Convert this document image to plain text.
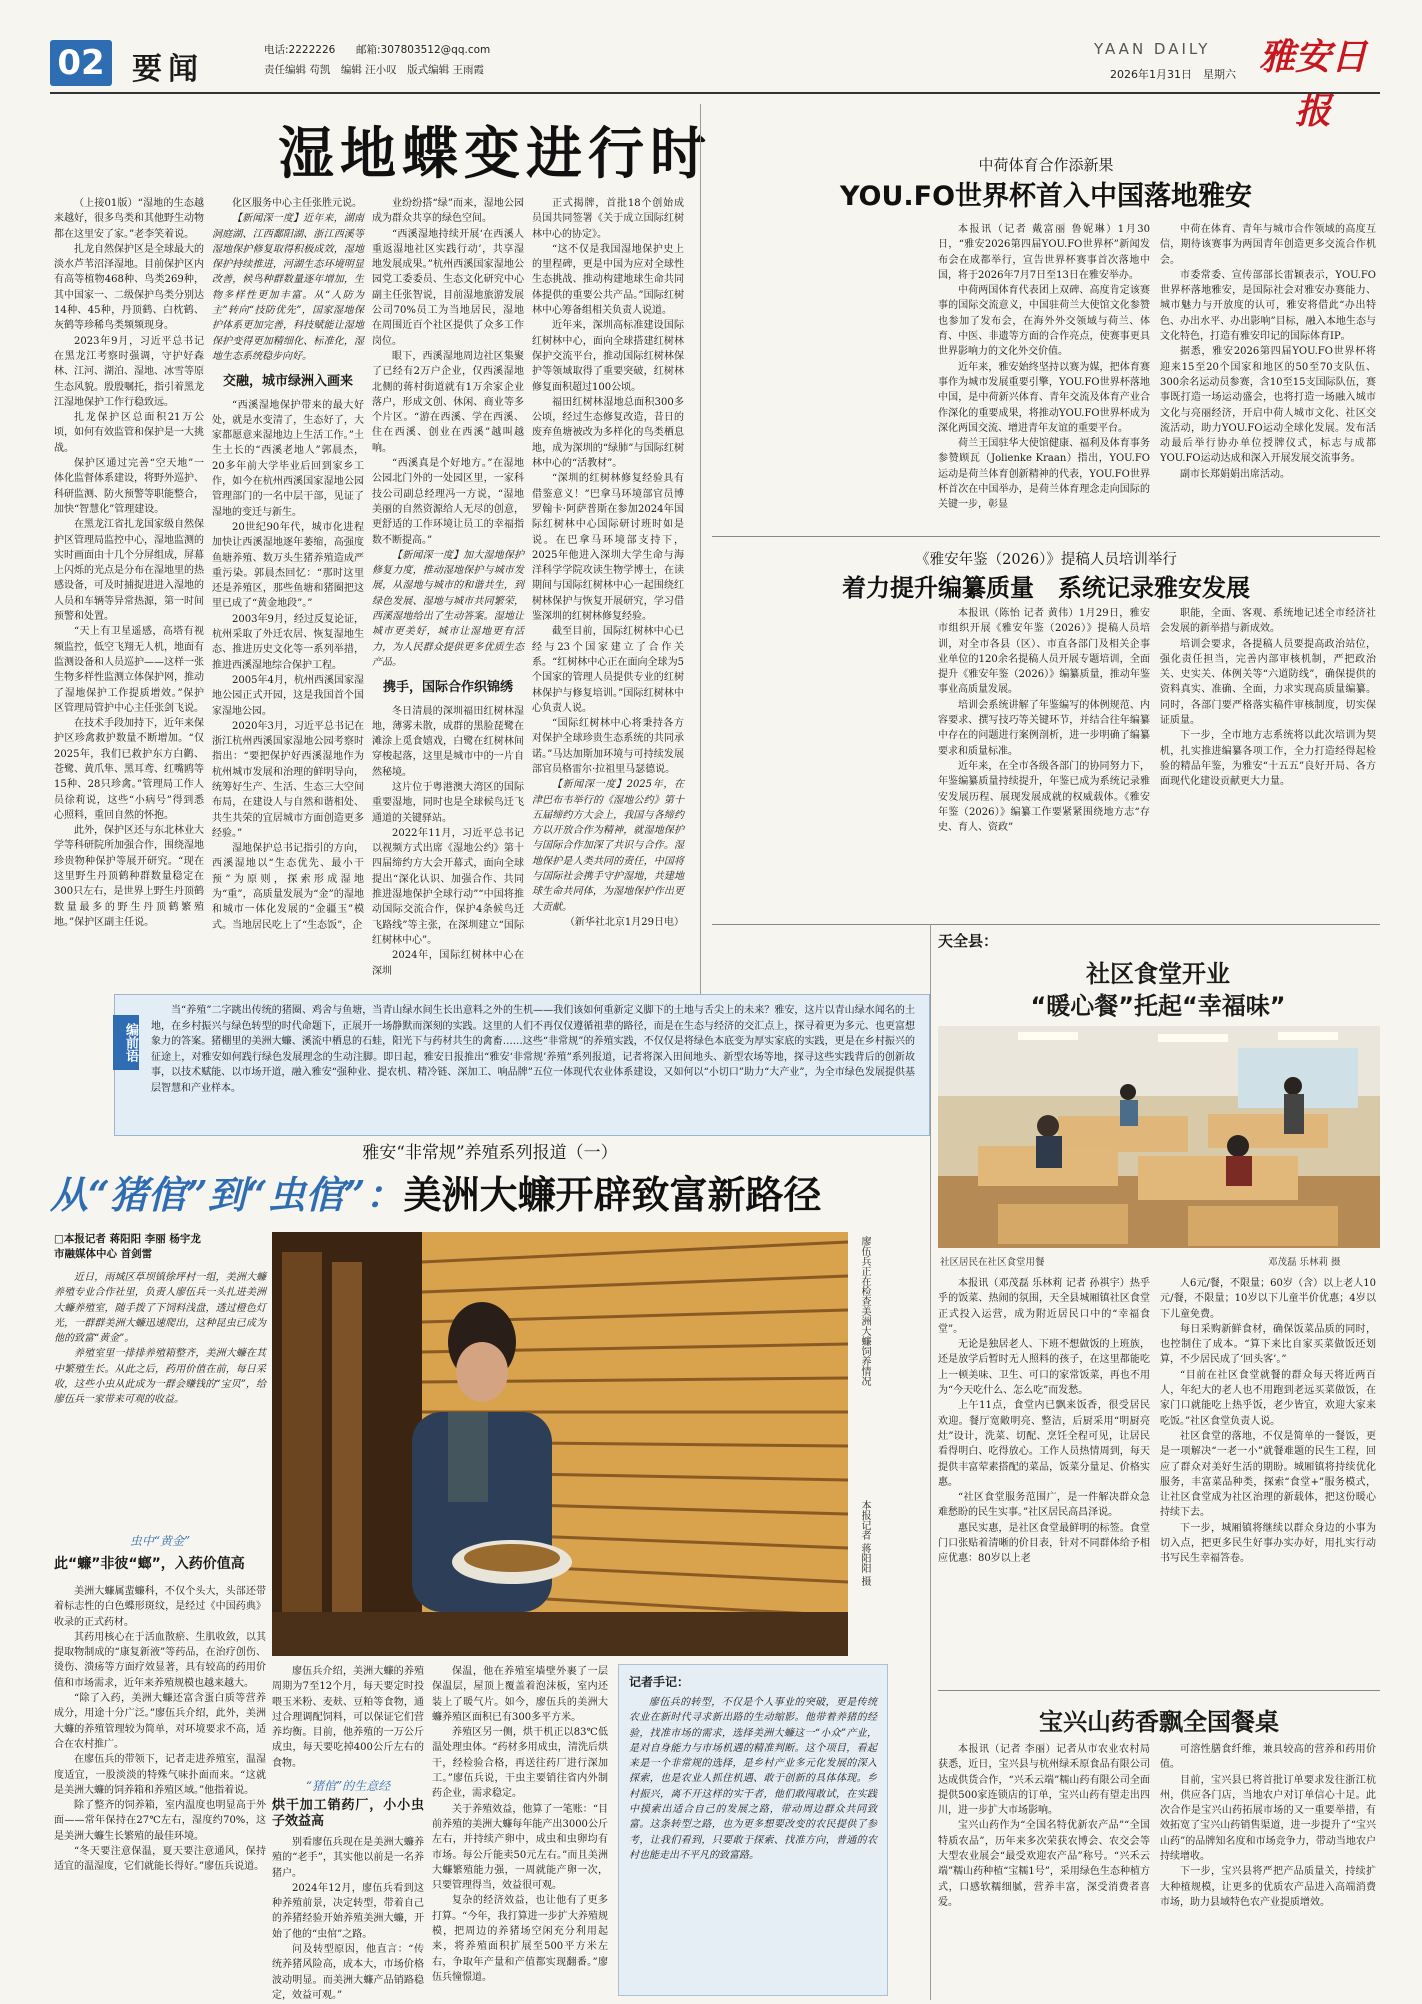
02 要闻
电话:2222226 邮箱:307803512@qq.com
责任编辑 苟凯　编辑 汪小叹　版式编辑 王雨霞
YAAN DAILY
2026年1月31日　星期六 雅安日报
湿地蝶变进行时

（上接01版）“湿地的生态越来越好，很多鸟类和其他野生动物都在这里安了家。”老李笑着说。

扎龙自然保护区是全球最大的淡水芦苇沼泽湿地。目前保护区内有高等植物468种、鸟类269种，其中国家一、二级保护鸟类分别达14种、45种，丹顶鹤、白枕鹤、灰鹤等珍稀鸟类频频现身。

2023年9月，习近平总书记在黑龙江考察时强调，守护好森林、江河、湖泊、湿地、冰雪等原生态风貌。殷殷嘱托，指引着黑龙江湿地保护工作行稳致远。

扎龙保护区总面积21万公顷，如何有效监管和保护是一大挑战。

保护区通过完善“空天地”一体化监督体系建设，将野外巡护、科研监测、防火预警等职能整合，加快“智慧化”管理建设。

在黑龙江省扎龙国家级自然保护区管理局监控中心，湿地监测的实时画面由十几个分屏组成，屏幕上闪烁的光点是分布在湿地里的热感设备，可及时捕捉进进入湿地的人员和车辆等异常热源，第一时间预警和处置。

“天上有卫星遥感，高塔有视频监控，低空飞翔无人机，地面有监测设备和人员巡护——这样一张生物多样性监测立体保护网，推动了湿地保护工作提质增效。”保护区管理局管护中心主任张剑飞说。

在技术手段加持下，近年来保护区珍禽救护数量不断增加。“仅2025年，我们已救护东方白鹳、苍鹭、黄爪隼、黑耳鸢、红嘴鸥等15种、28只珍禽。”管理局工作人员徐莉说，这些“小病号”得到悉心照料，重回自然的怀抱。

此外，保护区还与东北林业大学等科研院所加强合作，围绕湿地珍贵物种保护等展开研究。“现在这里野生丹顶鹤种群数量稳定在300只左右，是世界上野生丹顶鹤数量最多的野生丹顶鹤繁殖地。”保护区副主任说。

化区服务中心主任张胜元说。

【新闻深一度】近年来，湖南洞庭湖、江西鄱阳湖、浙江西溪等湿地保护修复取得积极成效，湿地保护持续推进，河湖生态环境明显改善，候鸟种群数量逐年增加，生物多样性更加丰富。从“人防为主”转向“技防优先”，国家湿地保护体系更加完善，科技赋能让湿地保护变得更加精细化、标准化，湿地生态系统稳步向好。

交融，城市绿洲入画来

“西溪湿地保护带来的最大好处，就是水变清了，生态好了，大家都愿意来湿地边上生活工作。”土生土长的“西溪老地人”郭晨杰，20多年前大学毕业后回到家乡工作，如今在杭州西溪国家湿地公园管理部门的一名中层干部，见证了湿地的变迁与新生。

20世纪90年代，城市化进程加快让西溪湿地逐年萎缩，高强度鱼塘养殖、数万头生猪养殖造成严重污染。郭晨杰回忆：“那时这里还是养殖区，那些鱼塘和猪圈把这里已成了“黄金地段”。”

2003年9月，经过反复论证，杭州采取了外迁农居、恢复湿地生态、推进历史文化等一系列举措，推进西溪湿地综合保护工程。

2005年4月，杭州西溪国家湿地公园正式开园，这是我国首个国家湿地公园。

2020年3月，习近平总书记在浙江杭州西溪国家湿地公园考察时指出：“要把保护好西溪湿地作为杭州城市发展和治理的鲜明导向，统筹好生产、生活、生态三大空间布局，在建设人与自然和谐相处、共生共荣的宜居城市方面创造更多经验。”

湿地保护总书记指引的方向，西溪湿地以“生态优先、最小干预”为原则，探索形成湿地为“重”，高质量发展为“金”的湿地和城市一体化发展的“金疆玉”模式。当地居民吃上了“生态饭”，企

业纷纷搭“绿”而来，湿地公园成为群众共享的绿色空间。

“西溪湿地持续开展‘在西溪人重返湿地社区实践行动’，共享湿地发展成果。”杭州西溪国家湿地公园党工委委员、生态文化研究中心副主任张智说，目前湿地旅游发展公司70%员工为当地居民，湿地在周围近百个社区提供了众多工作岗位。

眼下，西溪湿地周边社区集聚了已经有2万户企业，仅西溪湿地北侧的蒋村街道就有1万余家企业落户，形成文创、休闲、商业等多个片区。“游在西溪、学在西溪、住在西溪、创业在西溪”越叫越响。

“西溪真是个好地方。”在湿地公园北门外的一处园区里，一家科技公司副总经理冯一方说，“湿地美丽的自然资源给人无尽的创意，更舒适的工作环境让员工的幸福指数不断提高。”

【新闻深一度】加大湿地保护修复力度，推动湿地保护与城市发展，从湿地与城市的和谐共生，到绿色发展、湿地与城市共同繁荣，西溪湿地给出了生动答案。湿地让城市更美好，城市让湿地更有活力，为人民群众提供更多优质生态产品。

携手，国际合作织锦绣

冬日清晨的深圳福田红树林湿地，薄雾未散，成群的黑脸琵鹭在滩涂上觅食嬉戏，白鹭在红树林间穿梭起落，这里是城市中的一片自然秘境。

这片位于粤港澳大湾区的国际重要湿地，同时也是全球候鸟迁飞通道的关键驿站。

2022年11月，习近平总书记以视频方式出席《湿地公约》第十四届缔约方大会开幕式，面向全球提出“深化认识、加强合作、共同推进湿地保护全球行动”“中国将推动国际交流合作，保护4条候鸟迁飞路线”等主张，在深圳建立“国际红树林中心”。

2024年，国际红树林中心在深圳

正式揭牌，首批18个创始成员国共同签署《关于成立国际红树林中心的协定》。

“这不仅是我国湿地保护史上的里程碑，更是中国为应对全球性生态挑战、推动构建地球生命共同体提供的重要公共产品。”国际红树林中心筹备组相关负责人说道。

近年来，深圳高标准建设国际红树林中心，面向全球搭建红树林保护交流平台，推动国际红树林保护等领域取得了重要突破，红树林修复面积超过100公顷。

福田红树林湿地总面积300多公顷，经过生态修复改造，昔日的废弃鱼塘被改为多样化的鸟类栖息地，成为深圳的“绿肺”与国际红树林中心的“活教材”。

“深圳的红树林修复经验具有借鉴意义！”巴拿马环境部官员博罗翰卡·阿萨普斯在参加2024年国际红树林中心国际研讨班时如是说。在巴拿马环境部支持下，2025年他进入深圳大学生命与海洋科学学院攻读生物学博士，在读期间与国际红树林中心一起围绕红树林保护与恢复开展研究，学习借鉴深圳的红树林修复经验。

截至目前，国际红树林中心已经与23个国家建立了合作关系。“红树林中心正在面向全球为5个国家的管理人员提供专业的红树林保护与修复培训。”国际红树林中心负责人说。

“国际红树林中心将秉持各方对保护全球珍贵生态系统的共同承诺。”马达加斯加环境与可持续发展部官员格雷尔·拉祖里马瑟德说。

【新闻深一度】2025年，在津巴布韦举行的《湿地公约》第十五届缔约方大会上，我国与各缔约方以开放合作为精神，就湿地保护与国际合作加深了共识与合作。湿地保护是人类共同的责任，中国将与国际社会携手守护湿地，共建地球生命共同体，为湿地保护作出更大贡献。

（新华社北京1月29日电）

中荷体育合作添新果
YOU.FO世界杯首入中国落地雅安

本报讯（记者 戴富丽 鲁妮琳）1月30日，“雅安2026第四届YOU.FO世界杯”新闻发布会在成都举行，宣告世界杯赛事首次落地中国，将于2026年7月7日至13日在雅安举办。

中荷两国体育代表团上双碑、高度肯定该赛事的国际交流意义，中国驻荷兰大使馆文化参赞也参加了发布会，在海外外交领域与荷兰、体育、中医、非遗等方面的合作亮点，使赛事更具世界影响力的文化外交价值。

近年来，雅安始终坚持以赛为媒，把体育赛事作为城市发展重要引擎，YOU.FO世界杯落地中国，是中荷新兴体育、青年交流及体育产业合作深化的重要成果，将推动YOU.FO世界杯成为深化两国交流、增进青年友谊的重要平台。

荷兰王国驻华大使馆健康、福利及体育事务参赞顾瓦（Jolienke Kraan）指出，YOU.FO运动是荷兰体育创新精神的代表，YOU.FO世界杯首次在中国举办，是荷兰体育理念走向国际的关键一步，彰显

中荷在体育、青年与城市合作领域的高度互信，期待该赛事为两国青年创造更多交流合作机会。

市委常委、宣传部部长雷颖表示，YOU.FO世界杯落地雅安，是国际社会对雅安办赛能力、城市魅力与开放度的认可，雅安将借此“办出特色、办出水平、办出影响”目标，融入本地生态与文化特色，打造有雅安印记的国际体育IP。

据悉，雅安2026第四届YOU.FO世界杯将迎来15至20个国家和地区的50至70支队伍、300余名运动员参赛，含10至15支国际队伍，赛事既打造一场运动盛会，也将打造一场融入城市文化与亮丽经济，开启中荷人城市文化、社区交流活动，助力YOU.FO运动全球化发展。发布活动最后举行协办单位授牌仪式，标志与成都YOU.FO运动达成和深入开展发展交流事务。

副市长郑娟娟出席活动。

《雅安年鉴（2026）》提稿人员培训举行
着力提升编纂质量　系统记录雅安发展

本报讯（陈怡 记者 黄伟）1月29日，雅安市组织开展《雅安年鉴（2026）》提稿人员培训，对全市各县（区）、市直各部门及相关企事业单位的120余名提稿人员开展专题培训，全面提升《雅安年鉴（2026）》编纂质量，推动年鉴事业高质量发展。

培训会系统讲解了年鉴编写的体例规范、内容要求、撰写技巧等关键环节，并结合往年编纂中存在的问题进行案例剖析，进一步明确了编纂要求和质量标准。

近年来，在全市各级各部门的协同努力下，年鉴编纂质量持续提升，年鉴已成为系统记录雅安发展历程、展现发展成就的权威载体。《雅安年鉴（2026）》编纂工作要紧紧围绕地方志“存史、育人、资政”

职能，全面、客观、系统地记述全市经济社会发展的新举措与新成效。

培训会要求，各提稿人员要提高政治站位，强化责任担当，完善内部审核机制，严把政治关、史实关、体例关等“六道防线”，确保提供的资料真实、准确、全面，力求实现高质量编纂。同时，各部门要严格落实稿件审核制度，切实保证质量。

下一步，全市地方志系统将以此次培训为契机，扎实推进编纂各项工作，全力打造经得起检验的精品年鉴，为雅安“十五五”良好开局、各方面现代化建设贡献更大力量。

天全县：
社区食堂开业
“暖心餐”托起“幸福味”
社区居民在社区食堂用餐	邓茂磊 乐林莉 摄

本报讯（邓茂磊 乐林莉 记者 孙祺宇）热乎乎的饭菜、热闹的氛围，天全县城厢镇社区食堂正式投入运营，成为附近居民口中的“幸福食堂”。

无论是独居老人、下班不想做饭的上班族，还是放学后暂时无人照料的孩子，在这里都能吃上一顿美味、卫生、可口的家常饭菜，再也不用为“今天吃什么、怎么吃”而发愁。

上午11点，食堂内已飘来饭香，很受居民欢迎。餐厅宽敞明亮、整洁，后厨采用“明厨亮灶”设计，洗菜、切配、烹饪全程可见，让居民看得明白、吃得放心。工作人员热情周到，每天提供丰富荤素搭配的菜品，饭菜分量足、价格实惠。

“社区食堂服务范围广，是一件解决群众急难愁盼的民生实事。”社区居民高昌泽说。

惠民实惠，是社区食堂最鲜明的标签。食堂门口张贴着清晰的价目表，针对不同群体给予相应优惠：80岁以上老

人6元/餐，不限量；60岁（含）以上老人10元/餐，不限量；10岁以下儿童半价优惠；4岁以下儿童免费。

每日采购新鲜食材，确保饭菜品质的同时，也控制住了成本。“算下来比自家买菜做饭还划算，不少居民成了‘回头客’。”

“目前在社区食堂就餐的群众每天将近两百人，年纪大的老人也不用跑到老远买菜做饭，在家门口就能吃上热乎饭，老少皆宜，欢迎大家来吃饭。”社区食堂负责人说。

社区食堂的落地，不仅是简单的一餐饭，更是一项解决“一老一小”就餐难题的民生工程，回应了群众对美好生活的期盼。城厢镇将持续优化服务，丰富菜品种类，探索“食堂+”服务模式，让社区食堂成为社区治理的新载体，把这份暖心持续下去。

下一步，城厢镇将继续以群众身边的小事为切入点，把更多民生好事办实办好，用扎实行动书写民生幸福答卷。

宝兴山药香飘全国餐桌

本报讯（记者 李丽）记者从市农业农村局获悉，近日，宝兴县与杭州绿禾原食品有限公司达成供货合作，“兴禾云端”糯山药有限公司全面提供500家连锁店的订单，宝兴山药有望走出四川，进一步扩大市场影响。

宝兴山药作为“全国名特优新农产品”“全国特质农品”，历年来多次荣获农博会、农交会等大型农业展会“最受欢迎农产品”称号。“兴禾云端”糯山药种植“宝糯1号”，采用绿色生态种植方式，口感软糯细腻，营养丰富，深受消费者喜爱。

可溶性膳食纤维，兼具较高的营养和药用价值。

目前，宝兴县已将首批订单要求发往浙江杭州，供应各门店，当地农户对订单信心十足。此次合作是宝兴山药拓展市场的又一重要举措，有效拓宽了宝兴山药销售渠道，进一步提升了“宝兴山药”的品牌知名度和市场竞争力，带动当地农户持续增收。

下一步，宝兴县将严把产品质量关，持续扩大种植规模，让更多的优质农产品进入高端消费市场，助力县域特色农产业提质增效。

编前语
当“养殖”二字跳出传统的猪圈、鸡舍与鱼塘，当青山绿水间生长出意料之外的生机——我们该如何重新定义脚下的土地与舌尖上的未来？雅安，这片以青山绿水闻名的土地，在乡村振兴与绿色转型的时代命题下，正展开一场静默而深刻的实践。这里的人们不再仅仅遵循祖辈的路径，而是在生态与经济的交汇点上，探寻着更为多元、也更富想象力的答案。猪棚里的美洲大蠊、溪流中栖息的石蛙，阳光下与药材共生的禽畜……这些“非常规”的养殖实践，不仅仅是将绿色本底变为厚实家底的实践，更是在乡村振兴的征途上，对雅安如何践行绿色发展理念的生动注脚。即日起，雅安日报推出“雅安‘非常规’养殖”系列报道，记者将深入田间地头、新型农场等地，探寻这些实践背后的创新故事，以技术赋能、以市场开道，融入雅安“强种业、提农机、精冷链、深加工、响品牌”五位一体现代农业体系建设，又如何以“小切口”助力“大产业”，为全市绿色发展提供基层智慧和产业样本。
雅安“非常规”养殖系列报道（一）
从“猪倌”到“虫倌”：美洲大蠊开辟致富新路径
□本报记者 蒋阳阳 李丽 杨宇龙
市融媒体中心 首剑雷

近日，雨城区草坝镇徐坪村一组，美洲大蠊养殖专业合作社里，负责人廖伍兵一头扎进美洲大蠊养殖室，随手拨了下饲料浅盘，透过橙色灯光，一群群美洲大蠊迅速爬出，这种昆虫已成为他的致富“黄金”。

养殖室里一排排养殖箱整齐，美洲大蠊在其中繁殖生长。从此之后，药用价值在前，每日采收，这些小虫从此成为一群会赚钱的“宝贝”，给廖伍兵一家带来可观的收益。

虫中“黄金”
此“蠊”非彼“螂”，入药价值高

美洲大蠊属蜚蠊科，不仅个头大，头部还带着标志性的白色蝶形斑纹，是经过《中国药典》收录的正式药材。

其药用核心在于活血散瘀、生肌收敛，以其提取物制成的“康复新液”等药品，在治疗创伤、烫伤、溃疡等方面疗效显著，具有较高的药用价值和市场需求，近年来养殖规模也越来越大。

“除了入药，美洲大蠊还富含蛋白质等营养成分，用途十分广泛。”廖伍兵介绍，此外，美洲大蠊的养殖管理较为简单，对环境要求不高，适合在农村推广。

在廖伍兵的带领下，记者走进养殖室，温湿度适宜，一股淡淡的特殊气味扑面而来。“这就是美洲大蠊的饲养箱和养殖区域。”他指着说。

除了整齐的饲养箱，室内温度也明显高于外面——常年保持在27℃左右，湿度约70%，这是美洲大蠊生长繁殖的最佳环境。

“冬天要注意保温，夏天要注意通风，保持适宜的温湿度，它们就能长得好。”廖伍兵说道。

廖伍兵正在检查美洲大蠊饲养情况
本报记者 蒋阳阳 摄

廖伍兵介绍，美洲大蠊的养殖周期为7至12个月，每天要定时投喂玉米粉、麦麸、豆粕等食物，通过合理调配饲料，可以保证它们营养均衡。目前，他养殖的一万公斤成虫，每天要吃掉400公斤左右的食物。

“猪倌”的生意经
烘干加工销药厂，小小虫子效益高

别看廖伍兵现在是美洲大蠊养殖的“老手”，其实他以前是一名养猪户。

2024年12月，廖伍兵看到这种养殖前景，决定转型，带着自己的养猪经验开始养殖美洲大蠊，开始了他的“虫倌”之路。

问及转型原因，他直言：“传统养猪风险高，成本大，市场价格波动明显。而美洲大蠊产品销路稳定，效益可观。”

保温，他在养殖室墙壁外裹了一层保温层，屋顶上覆盖着泡沫板，室内还装上了暖气片。如今，廖伍兵的美洲大蠊养殖区面积已有300多平方米。

养殖区另一侧，烘干机正以83℃低温处理虫体。“药材多用成虫，清洗后烘干，经检验合格，再送往药厂进行深加工。”廖伍兵说，干虫主要销往省内外制药企业，需求稳定。

关于养殖效益，他算了一笔账：“目前养殖的美洲大蠊每年能产出3000公斤左右，并持续产卵中，成虫和虫卵均有市场。每公斤能卖50元左右。”而且美洲大蠊繁殖能力强，一周就能产卵一次，只要管理得当，效益很可观。

复杂的经济效益，也让他有了更多打算。“今年，我打算进一步扩大养殖规模，把周边的养猪场空闲充分利用起来，将养殖面积扩展至500平方米左右，争取年产量和产值都实现翻番。”廖伍兵憧憬道。

记者手记：
廖伍兵的转型，不仅是个人事业的突破，更是传统农业在新时代寻求新出路的生动缩影。他带着养猪的经验，找准市场的需求，选择美洲大蠊这一“小众”产业，是对自身能力与市场机遇的精准判断。这个项目，看起来是一个非常规的选择，是乡村产业多元化发展的深入探索，也是农业人抓住机遇、敢于创新的具体体现。乡村振兴，离不开这样的实干者，他们敢闯敢试，在实践中摸索出适合自己的发展之路，带动周边群众共同致富。这条转型之路，也为更多想要改变的农民提供了参考，让我们看到，只要敢于探索、找准方向，普通的农村也能走出不平凡的致富路。
